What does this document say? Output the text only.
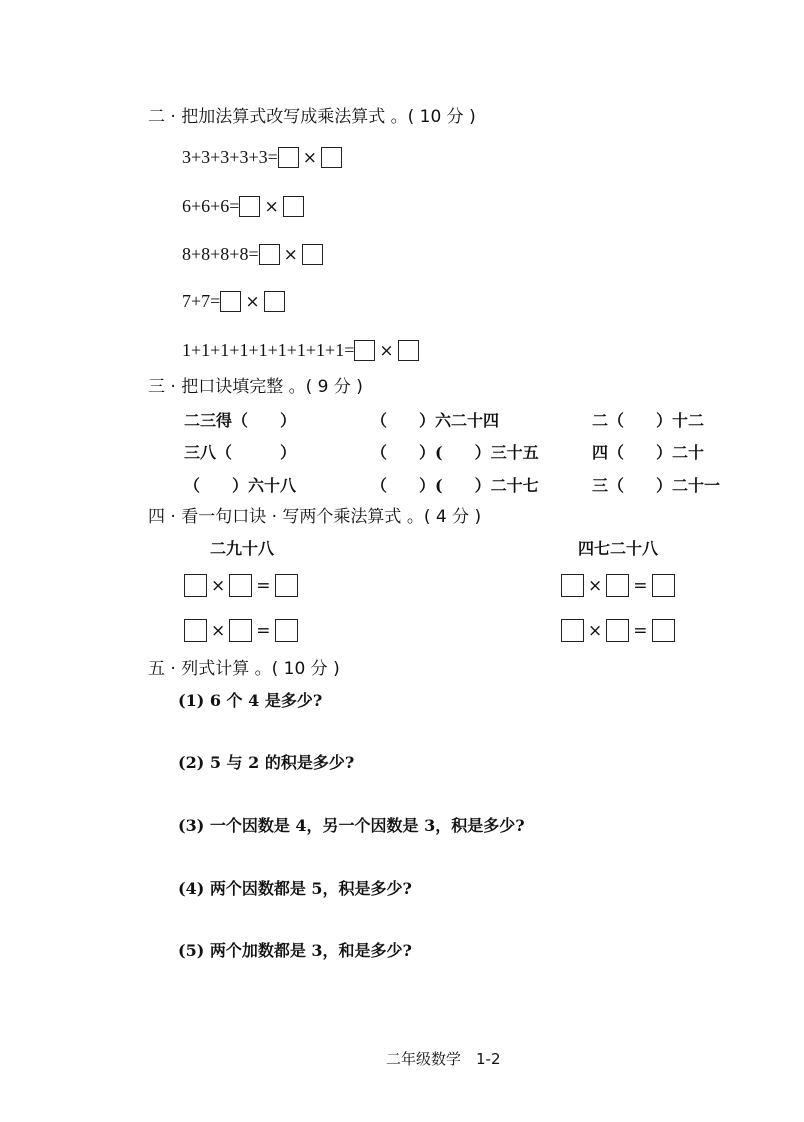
二 · 把加法算式改写成乘法算式 。( 10 分 )
3+3+3+3+3= ×
6+6+6= ×
8+8+8+8= ×
7+7= ×
1+1+1+1+1+1+1+1+1= ×
三 · 把口诀填完整 。( 9 分 )
二三得（　　）	（　　）六二十四	二（　　）十二
三八（　　　）	（　　）(　　）三十五	四（　　）二十
（　　）六十八	（　　）(　　）二十七	三（　　）二十一
四 · 看一句口诀 · 写两个乘法算式 。( 4 分 )
二九十八	四七二十八
× =	× =
× =	× =
五 · 列式计算 。( 10 分 )
(1) 6 个 4 是多少?
(2) 5 与 2 的积是多少?
(3) 一个因数是 4，另一个因数是 3，积是多少?
(4) 两个因数都是 5，积是多少?
(5) 两个加数都是 3，和是多少?
二年级数学　1-2
